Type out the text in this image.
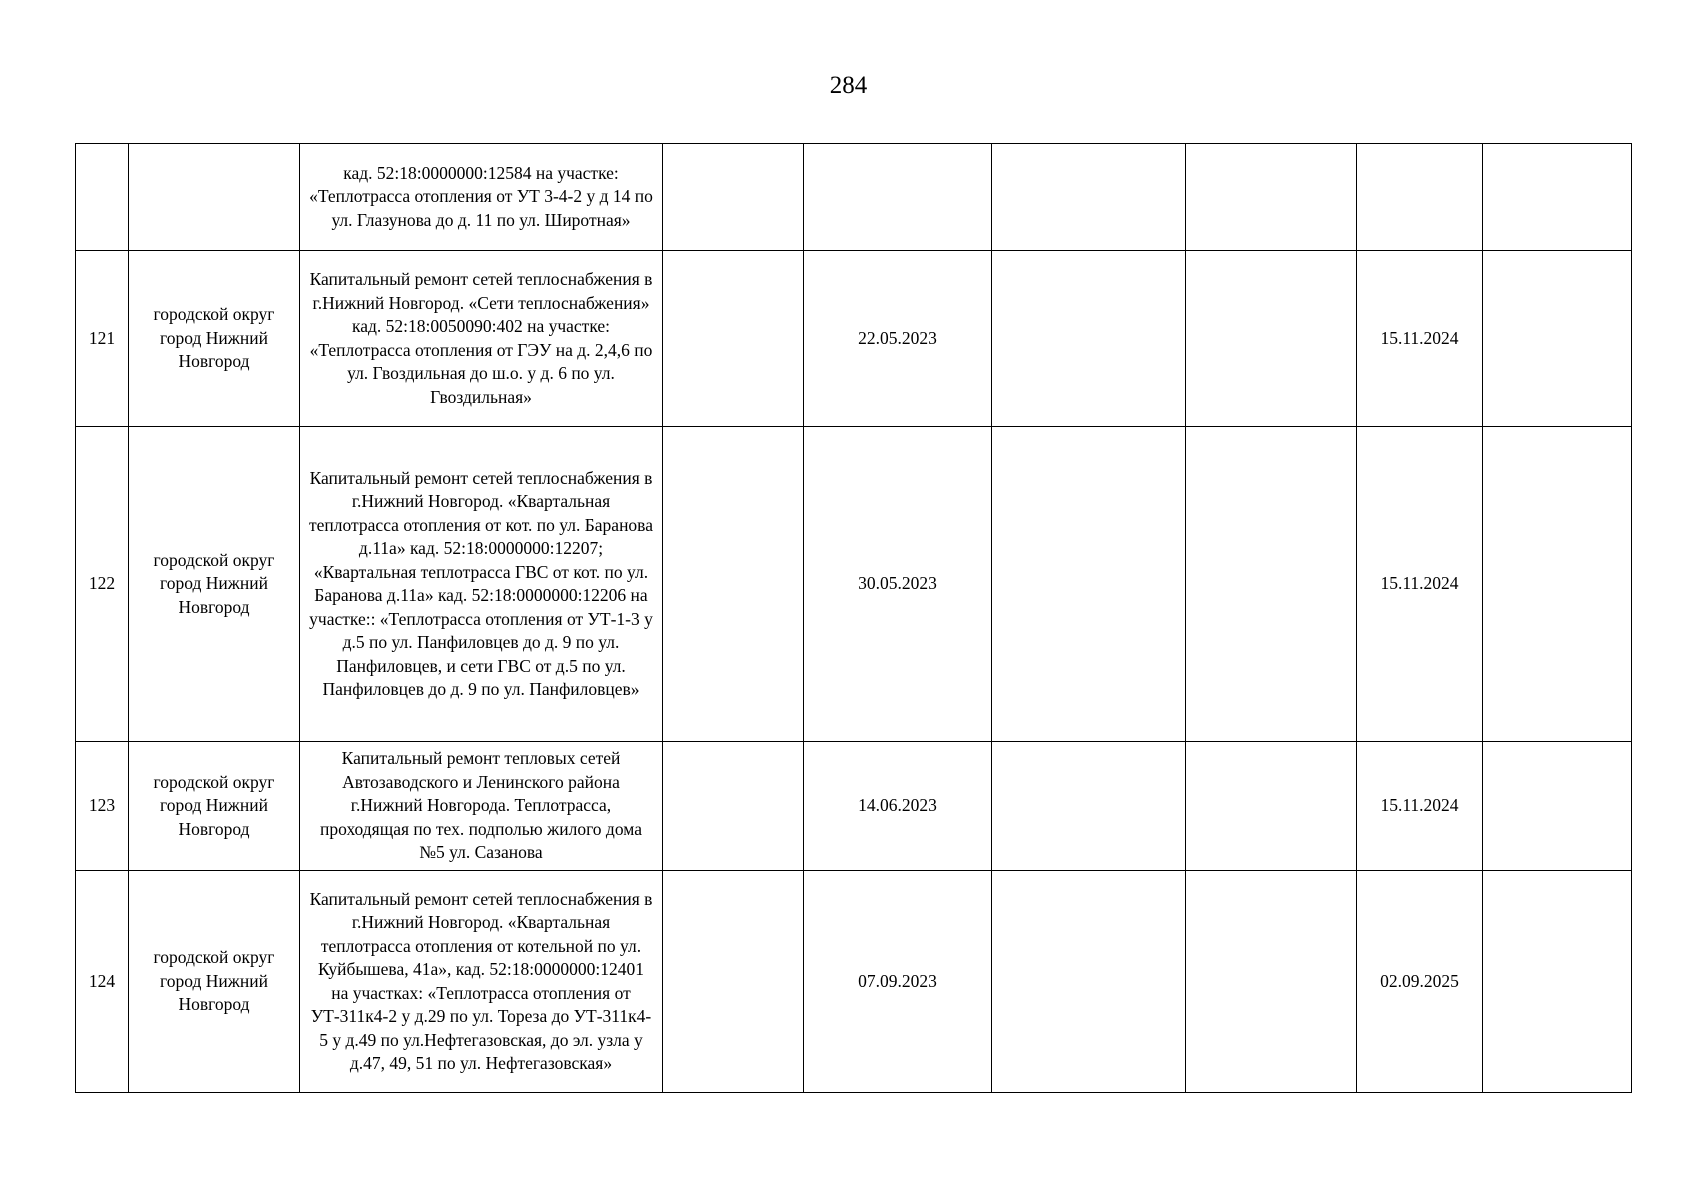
284
		кад. 52:18:0000000:12584 на участке: «Теплотрасса отопления от УТ 3-4-2 у д 14 по ул. Глазунова до д. 11 по ул. Широтная»						
121	городской округ город Нижний Новгород	Капитальный ремонт сетей теплоснабжения в г.Нижний Новгород. «Сети теплоснабжения» кад. 52:18:0050090:402 на участке: «Теплотрасса отопления от ГЭУ на д. 2,4,6 по ул. Гвоздильная до ш.о. у д. 6 по ул. Гвоздильная»		22.05.2023			15.11.2024	
122	городской округ город Нижний Новгород	Капитальный ремонт сетей теплоснабжения в г.Нижний Новгород. «Квартальная теплотрасса отопления от кот. по ул. Баранова д.11а» кад. 52:18:0000000:12207; «Квартальная теплотрасса ГВС от кот. по ул. Баранова д.11а» кад. 52:18:0000000:12206 на участке:: «Теплотрасса отопления от УТ-1-3 у д.5 по ул. Панфиловцев до д. 9 по ул. Панфиловцев, и сети ГВС от д.5 по ул. Панфиловцев до д. 9 по ул. Панфиловцев»		30.05.2023			15.11.2024	
123	городской округ город Нижний Новгород	Капитальный ремонт тепловых сетей Автозаводского и Ленинского района г.Нижний Новгорода. Теплотрасса, проходящая по тех. подполью жилого дома №5 ул. Сазанова		14.06.2023			15.11.2024	
124	городской округ город Нижний Новгород	Капитальный ремонт сетей теплоснабжения в г.Нижний Новгород. «Квартальная теплотрасса отопления от котельной по ул. Куйбышева, 41а», кад. 52:18:0000000:12401 на участках: «Теплотрасса отопления от УТ-311к4-2 у д.29 по ул. Тореза до УТ-311к4-5 у д.49 по ул.Нефтегазовская, до эл. узла у д.47, 49, 51 по ул. Нефтегазовская»		07.09.2023			02.09.2025	
